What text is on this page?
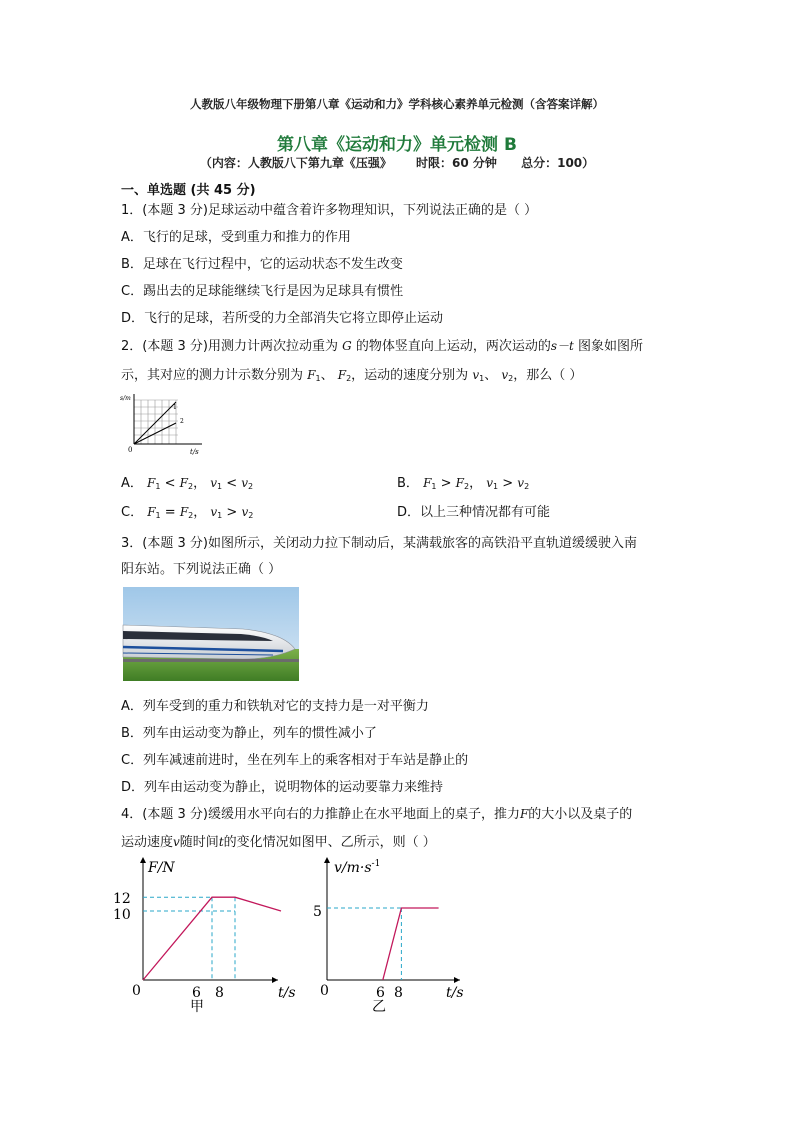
人教版八年级物理下册第八章《运动和力》学科核心素养单元检测（含答案详解）
第八章《运动和力》单元检测 B
（内容：人教版八下第九章《压强》 时限：60 分钟 总分：100）
一、单选题 (共 45 分)
1．(本题 3 分)足球运动中蕴含着许多物理知识，下列说法正确的是（ ）
A．飞行的足球，受到重力和推力的作用
B．足球在飞行过程中，它的运动状态不发生改变
C．踢出去的足球能继续飞行是因为足球具有惯性
D．飞行的足球，若所受的力全部消失它将立即停止运动
2．(本题 3 分)用测力计两次拉动重为 G 的物体竖直向上运动，两次运动的s－t 图象如图所
示，其对应的测力计示数分别为 $F_1$、 $F_2$，运动的速度分别为 $v_1$、 $v_2$，那么（ ）
s/m
t/s
0
1
2
A． $F_1 < F_2$， $v_1 < v_2$	B． $F_1 > F_2$， $v_1 > v_2$
C． $F_1 = F_2$， $v_1 > v_2$	D．以上三种情况都有可能
3．(本题 3 分)如图所示，关闭动力拉下制动后，某满载旅客的高铁沿平直轨道缓缓驶入南
阳东站。下列说法正确（ ）
A．列车受到的重力和铁轨对它的支持力是一对平衡力
B．列车由运动变为静止，列车的惯性减小了
C．列车减速前进时，坐在列车上的乘客相对于车站是静止的
D．列车由运动变为静止，说明物体的运动要靠力来维持
4．(本题 3 分)缓缓用水平向右的力推静止在水平地面上的桌子，推力F的大小以及桌子的
运动速度v随时间t的变化情况如图甲、乙所示，则（ ）
F/N
12
10
0	6 8	t/s
甲
$v/m\cdot s^{-1}$
5
0	6 8	t/s
乙
